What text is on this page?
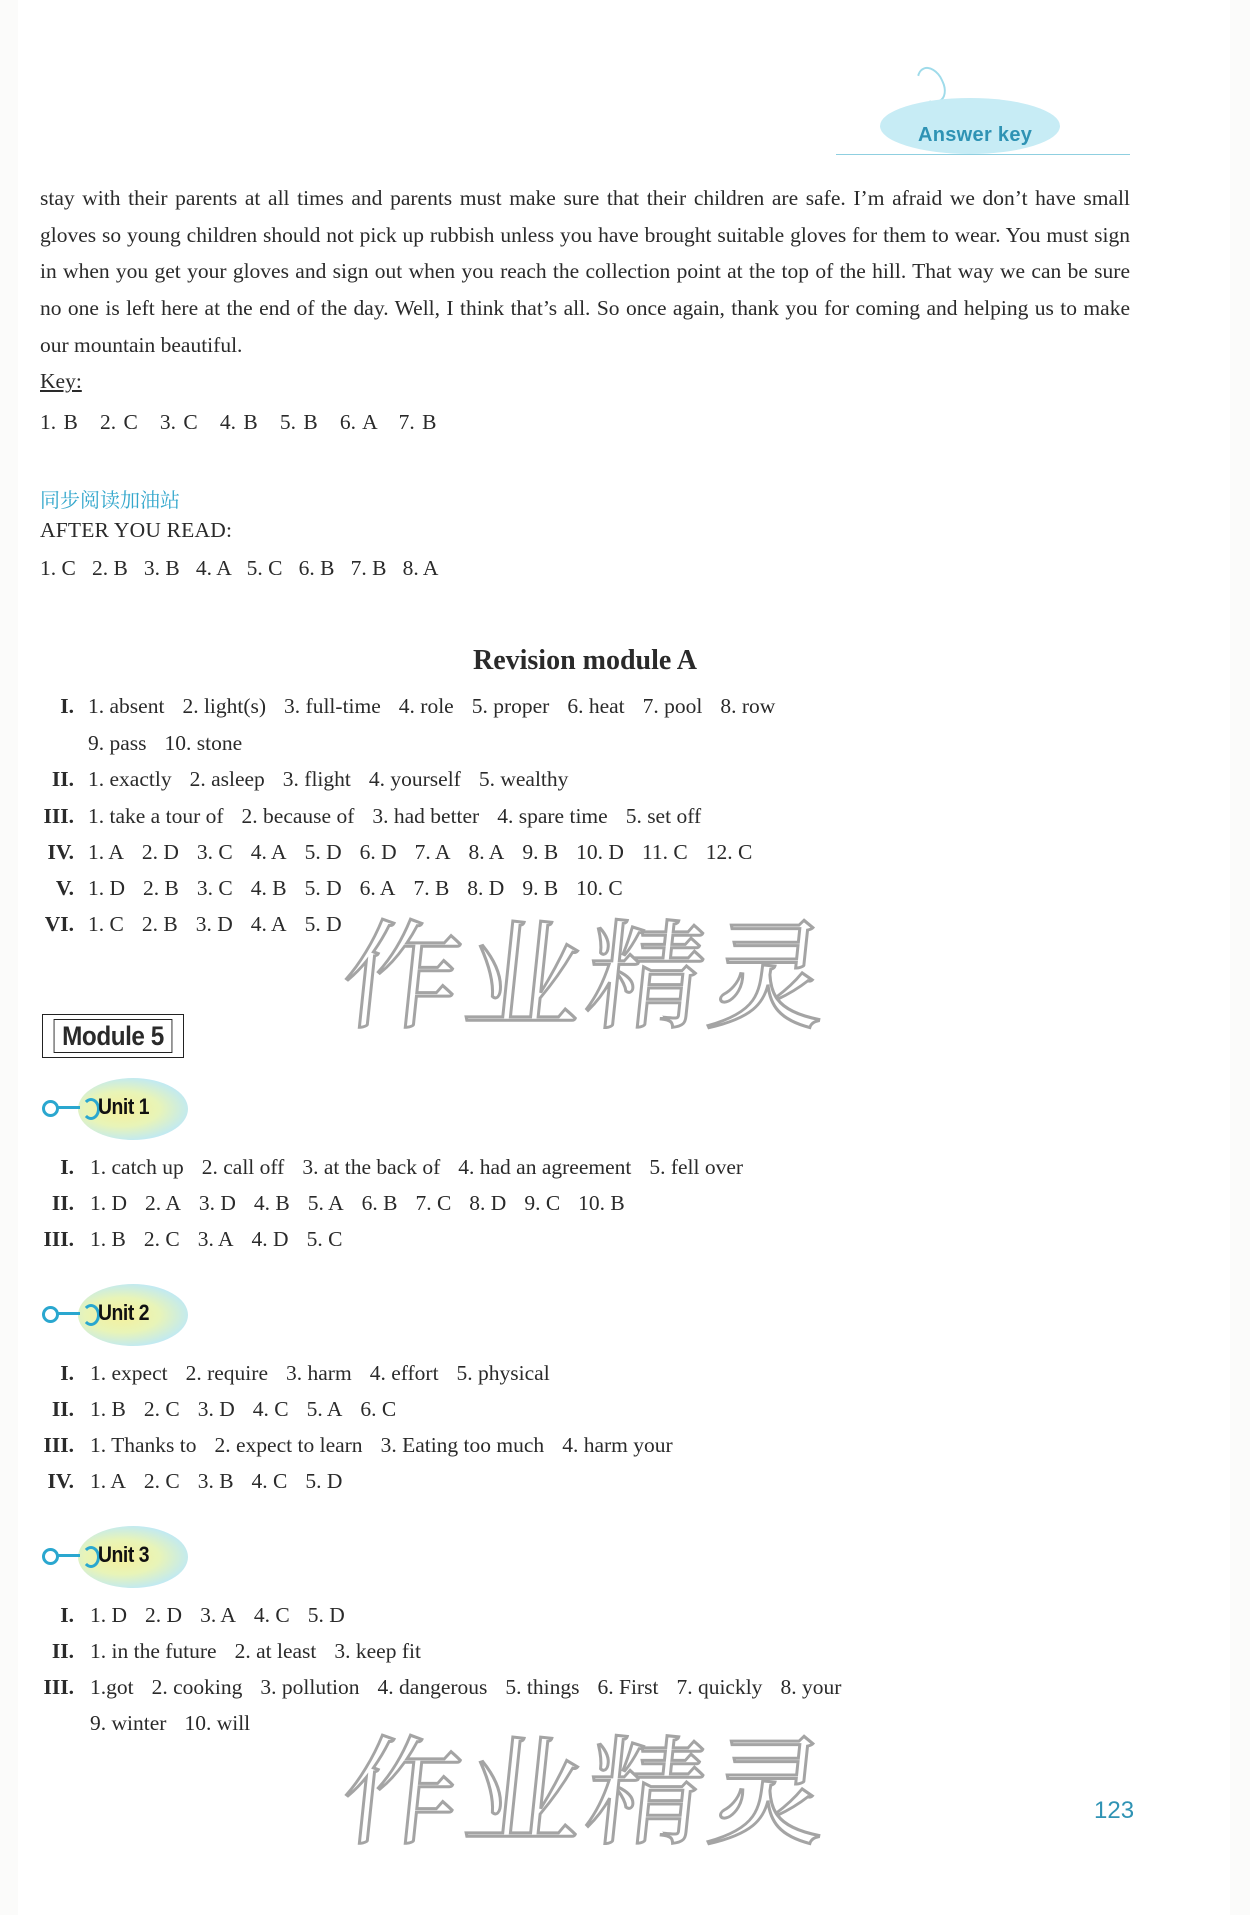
Answer key
stay with their parents at all times and parents must make sure that their children are safe. I’m afraid we don’t have small gloves so young children should not pick up rubbish unless you have brought suitable gloves for them to wear. You must sign in when you get your gloves and sign out when you reach the collection point at the top of the hill. That way we can be sure no one is left here at the end of the day. Well, I think that’s all. So once again, thank you for coming and helping us to make our mountain beautiful.
Key:
1. B   2. C   3. C   4. B   5. B   6. A   7. B
同步阅读加油站
AFTER YOU READ:
1. C   2. B   3. B   4. A   5. C   6. B   7. B   8. A
Revision module A
I. 1. absent 2. light(s) 3. full-time 4. role 5. proper 6. heat 7. pool 8. row
9. pass 10. stone
II. 1. exactly 2. asleep 3. flight 4. yourself 5. wealthy
III. 1. take a tour of 2. because of 3. had better 4. spare time 5. set off
IV. 1. A 2. D 3. C 4. A 5. D 6. D 7. A 8. A 9. B 10. D 11. C 12. C
V. 1. D 2. B 3. C 4. B 5. D 6. A 7. B 8. D 9. B 10. C
VI. 1. C 2. B 3. D 4. A 5. D
Module 5
Unit 1
I. 1. catch up 2. call off 3. at the back of 4. had an agreement 5. fell over
II. 1. D 2. A 3. D 4. B 5. A 6. B 7. C 8. D 9. C 10. B
III. 1. B 2. C 3. A 4. D 5. C
Unit 2
I. 1. expect 2. require 3. harm 4. effort 5. physical
II. 1. B 2. C 3. D 4. C 5. A 6. C
III. 1. Thanks to 2. expect to learn 3. Eating too much 4. harm your
IV. 1. A 2. C 3. B 4. C 5. D
Unit 3
I. 1. D 2. D 3. A 4. C 5. D
II. 1. in the future 2. at least 3. keep fit
III. 1.got 2. cooking 3. pollution 4. dangerous 5. things 6. First 7. quickly 8. your
9. winter 10. will
作业精灵
作业精灵	123
